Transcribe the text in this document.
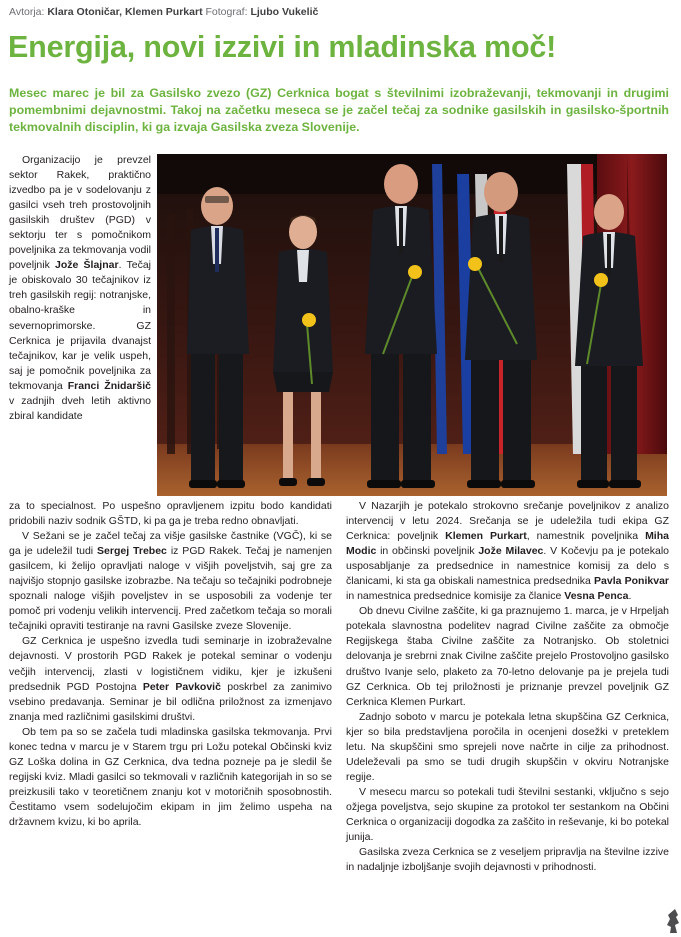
Avtorja: Klara Otoničar, Klemen Purkart Fotograf: Ljubo Vukelič
Energija, novi izzivi in mladinska moč!

Mesec marec je bil za Gasilsko zvezo (GZ) Cerknica bogat s številnimi izobraževanji, tekmovanji in drugimi pomembnimi dejavnostmi. Takoj na začetku meseca se je začel tečaj za sodnike gasilskih in gasilsko-športnih tekmovalnih disciplin, ki ga izvaja Gasilska zveza Slovenije.

Organizacijo je prevzel sektor Rakek, praktično izvedbo pa je v sodelovanju z gasilci vseh treh prostovoljnih gasilskih društev (PGD) v sektorju ter s pomočnikom poveljnika za tekmovanja vodil poveljnik Jože Šlajnar. Tečaj je obiskovalo 30 tečajnikov iz treh gasilskih regij: notranjske, obalno-kraške in severnoprimorske. GZ Cerknica je prijavila dvanajst tečajnikov, kar je velik uspeh, saj je pomočnik poveljnika za tekmovanja Franci Žnidaršič v zadnjih dveh letih aktivno zbiral kandidate

za to specialnost. Po uspešno opravljenem izpitu bodo kandidati pridobili naziv sodnik GŠTD, ki pa ga je treba redno obnavljati.

V Sežani se je začel tečaj za višje gasilske častnike (VGČ), ki se ga je udeležil tudi Sergej Trebec iz PGD Rakek. Tečaj je namenjen gasilcem, ki želijo opravljati naloge v višjih poveljstvih, saj gre za najvišjo stopnjo gasilske izobrazbe. Na tečaju so tečajniki podrobneje spoznali naloge višjih poveljstev in se usposobili za vodenje ter pomoč pri vodenju velikih intervencij. Pred začetkom tečaja so morali tečajniki opraviti testiranje na ravni Gasilske zveze Slovenije.

GZ Cerknica je uspešno izvedla tudi seminarje in izobraževalne dejavnosti. V prostorih PGD Rakek je potekal seminar o vodenju večjih intervencij, zlasti v logističnem vidiku, kjer je izkušeni predsednik PGD Postojna Peter Pavkovič poskrbel za zanimivo vsebino predavanja. Seminar je bil odlična priložnost za izmenjavo znanja med različnimi gasilskimi društvi.

Ob tem pa so se začela tudi mladinska gasilska tekmovanja. Prvi konec tedna v marcu je v Starem trgu pri Ložu potekal Občinski kviz GZ Loška dolina in GZ Cerknica, dva tedna pozneje pa je sledil še regijski kviz. Mladi gasilci so tekmovali v različnih kategorijah in so se preizkusili tako v teoretičnem znanju kot v motoričnih sposobnostih. Čestitamo vsem sodelujočim ekipam in jim želimo uspeha na državnem kvizu, ki bo aprila.

V Nazarjih je potekalo strokovno srečanje poveljnikov z analizo intervencij v letu 2024. Srečanja se je udeležila tudi ekipa GZ Cerknica: poveljnik Klemen Purkart, namestnik poveljnika Miha Modic in občinski poveljnik Jože Milavec. V Kočevju pa je potekalo usposabljanje za predsednice in namestnice komisij za delo s članicami, ki sta ga obiskali namestnica predsednika Pavla Ponikvar in namestnica predsednice komisije za članice Vesna Penca.

Ob dnevu Civilne zaščite, ki ga praznujemo 1. marca, je v Hrpeljah potekala slavnostna podelitev nagrad Civilne zaščite za območje Regijskega štaba Civilne zaščite za Notranjsko. Ob stoletnici delovanja je srebrni znak Civilne zaščite prejelo Prostovoljno gasilsko društvo Ivanje selo, plaketo za 70-letno delovanje pa je prejela tudi GZ Cerknica. Ob tej priložnosti je priznanje prevzel poveljnik GZ Cerknica Klemen Purkart.

Zadnjo soboto v marcu je potekala letna skupščina GZ Cerknica, kjer so bila predstavljena poročila in ocenjeni dosežki v preteklem letu. Na skupščini smo sprejeli nove načrte in cilje za prihodnost. Udeleževali pa smo se tudi drugih skupščin v okviru Notranjske regije.

V mesecu marcu so potekali tudi številni sestanki, vključno s sejo ožjega poveljstva, sejo skupine za protokol ter sestankom na Občini Cerknica o organizaciji dogodka za zaščito in reševanje, ki bo potekal junija.

Gasilska zveza Cerknica se z veseljem pripravlja na številne izzive in nadaljnje izboljšanje svojih dejavnosti v prihodnosti.
